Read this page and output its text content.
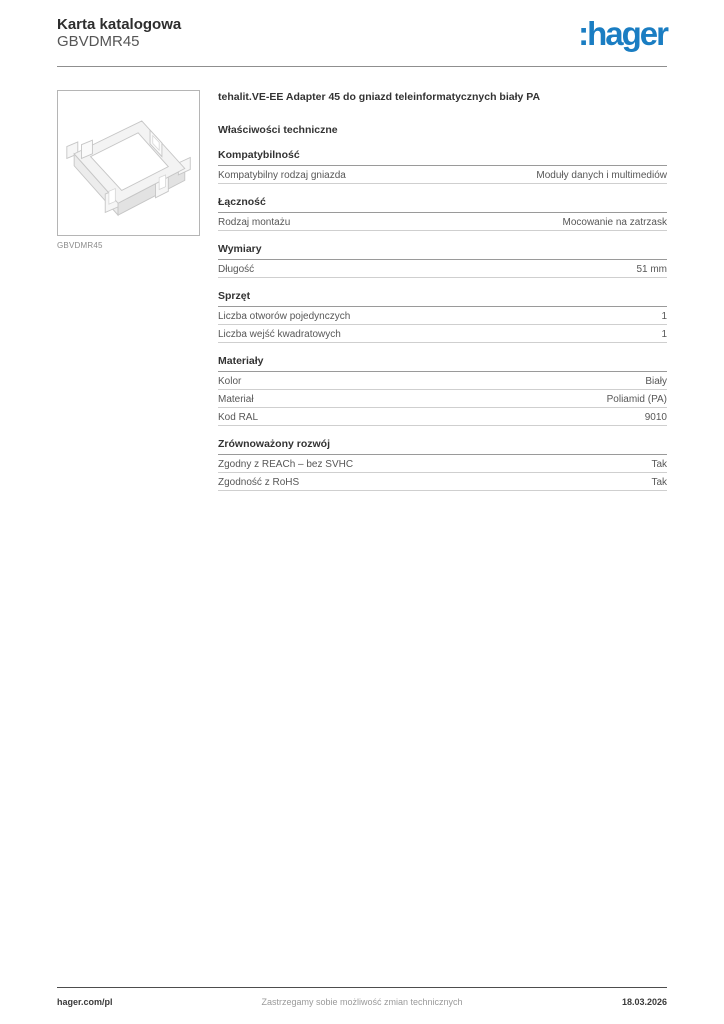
Karta katalogowa
GBVDMR45	:hager
GBVDMR45

tehalit.VE-EE Adapter 45 do gniazd teleinformatycznych biały PA

Właściwości techniczne

Kompatybilność
Kompatybilny rodzaj gniazda	Moduły danych i multimediów
Łączność
Rodzaj montażu	Mocowanie na zatrzask
Wymiary
Długość	51 mm
Sprzęt
Liczba otworów pojedynczych	1
Liczba wejść kwadratowych	1
Materiały
Kolor	Biały
Materiał	Poliamid (PA)
Kod RAL	9010
Zrównoważony rozwój
Zgodny z REACh – bez SVHC	Tak
Zgodność z RoHS	Tak
hager.com/pl	Zastrzegamy sobie możliwość zmian technicznych	18.03.2026
